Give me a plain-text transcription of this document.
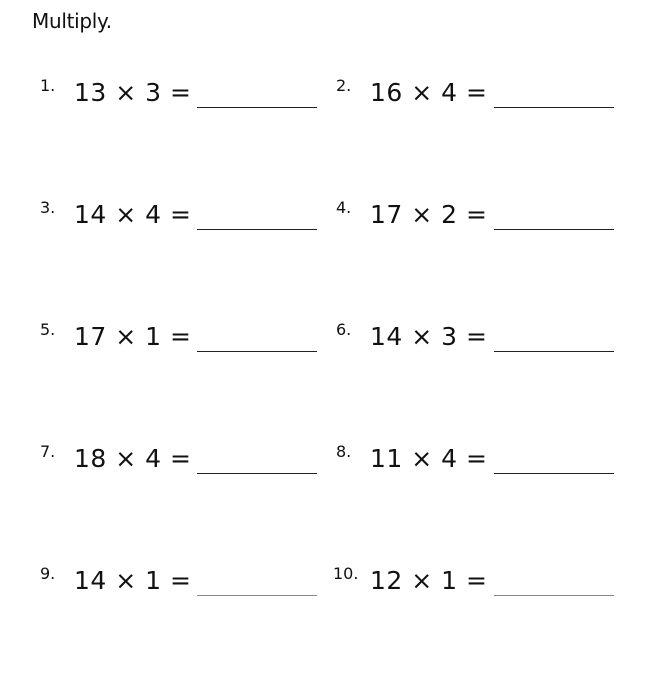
Multiply.
1. 13 × 3 =	2. 16 × 4 =
3. 14 × 4 =	4. 17 × 2 =
5. 17 × 1 =	6. 14 × 3 =
7. 18 × 4 =	8. 11 × 4 =
9. 14 × 1 =	10. 12 × 1 =
